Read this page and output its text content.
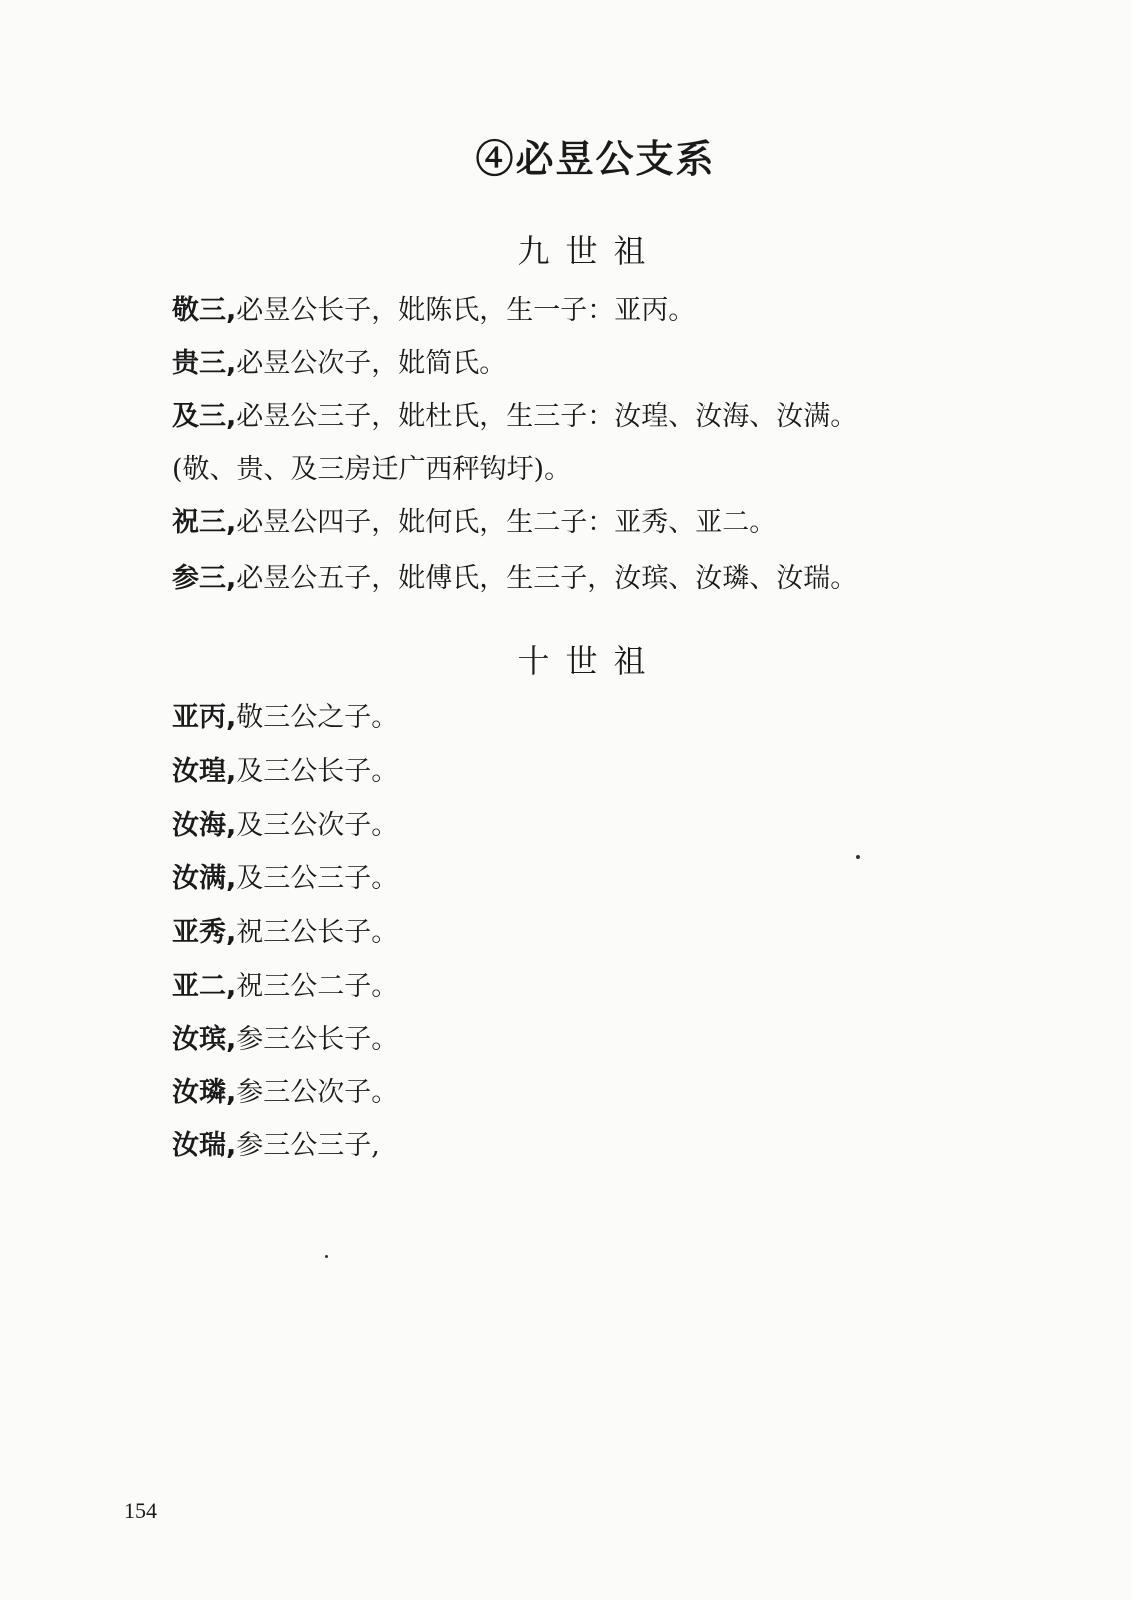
④必昱公支系
九世祖
敬三,必昱公长子，妣陈氏，生一子：亚丙。
贵三,必昱公次子，妣简氏。
及三,必昱公三子，妣杜氏，生三子：汝瑝、汝海、汝满。
(敬、贵、及三房迁广西秤钩圩)。
祝三,必昱公四子，妣何氏，生二子：亚秀、亚二。
参三,必昱公五子，妣傅氏，生三子，汝瑸、汝璘、汝瑞。
十世祖
亚丙,敬三公之子。
汝瑝,及三公长子。
汝海,及三公次子。
汝满,及三公三子。
亚秀,祝三公长子。
亚二,祝三公二子。
汝瑸,参三公长子。
汝璘,参三公次子。
汝瑞,参三公三子,
154
